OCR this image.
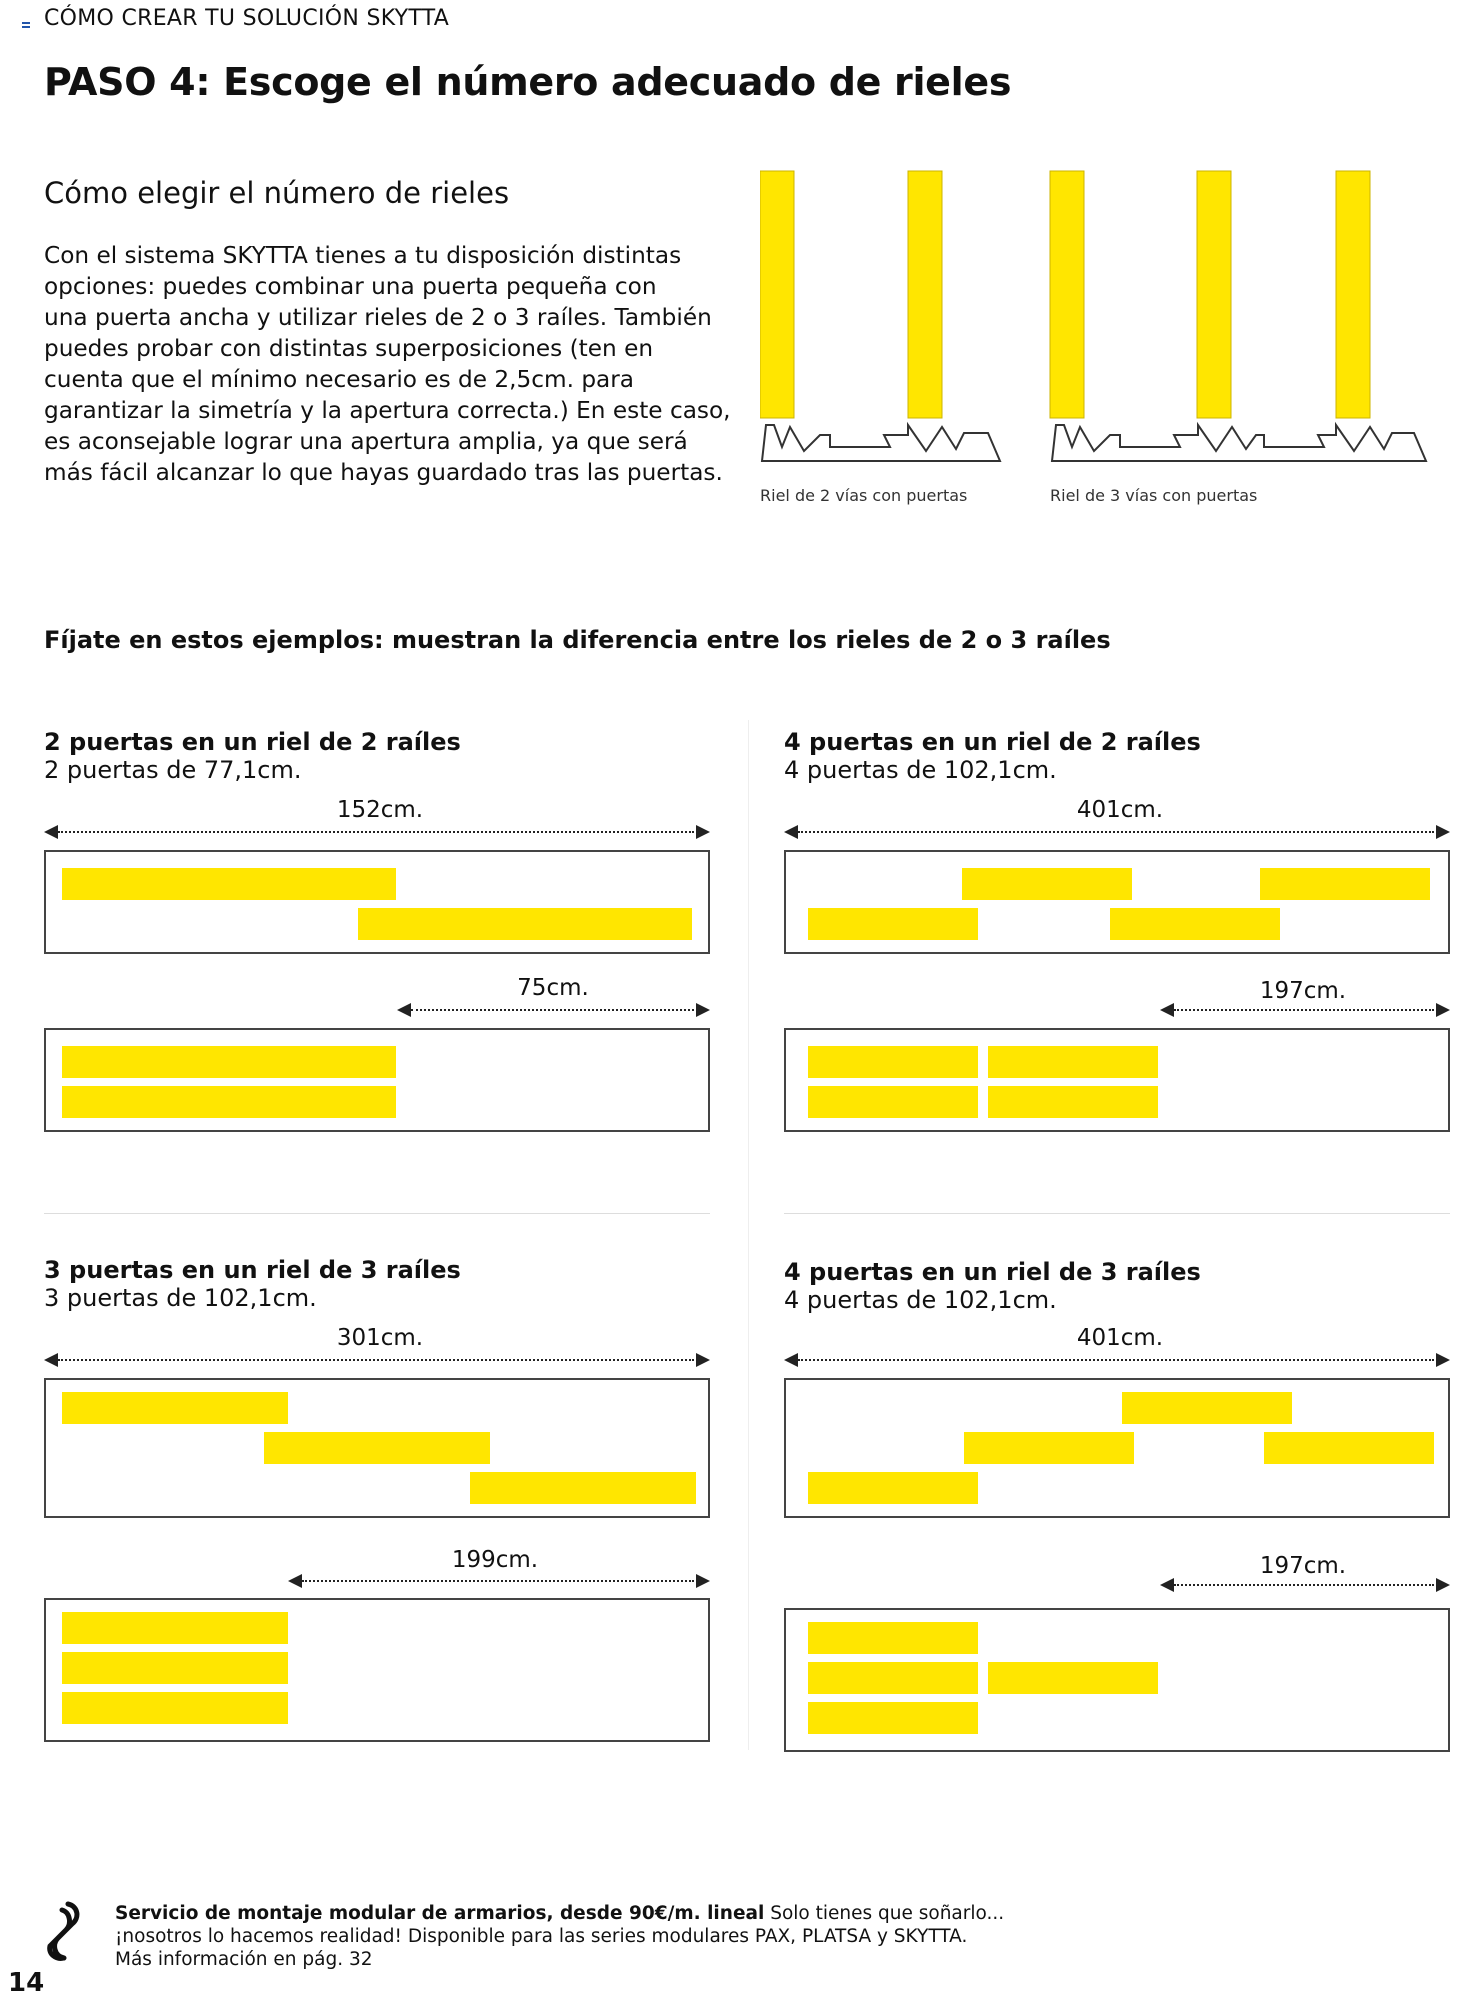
CÓMO CREAR TU SOLUCIÓN SKYTTA
PASO 4: Escoge el número adecuado de rieles
Cómo elegir el número de rieles
Con el sistema SKYTTA tienes a tu disposición distintas
opciones: puedes combinar una puerta pequeña con
una puerta ancha y utilizar rieles de 2 o 3 raíles. También
puedes probar con distintas superposiciones (ten en
cuenta que el mínimo necesario es de 2,5cm. para
garantizar la simetría y la apertura correcta.) En este caso,
es aconsejable lograr una apertura amplia, ya que será
más fácil alcanzar lo que hayas guardado tras las puertas.
Riel de 2 vías con puertas	Riel de 3 vías con puertas
Fíjate en estos ejemplos: muestran la diferencia entre los rieles de 2 o 3 raíles
2 puertas en un riel de 2 raíles
2 puertas de 77,1cm.
152cm.
75cm.
4 puertas en un riel de 2 raíles
4 puertas de 102,1cm.
401cm.
197cm.
3 puertas en un riel de 3 raíles
3 puertas de 102,1cm.
301cm.
199cm.
4 puertas en un riel de 3 raíles
4 puertas de 102,1cm.
401cm.
197cm.
Servicio de montaje modular de armarios, desde 90€/m. lineal Solo tienes que soñarlo...
¡nosotros lo hacemos realidad! Disponible para las series modulares PAX, PLATSA y SKYTTA.
Más información en pág. 32
14
